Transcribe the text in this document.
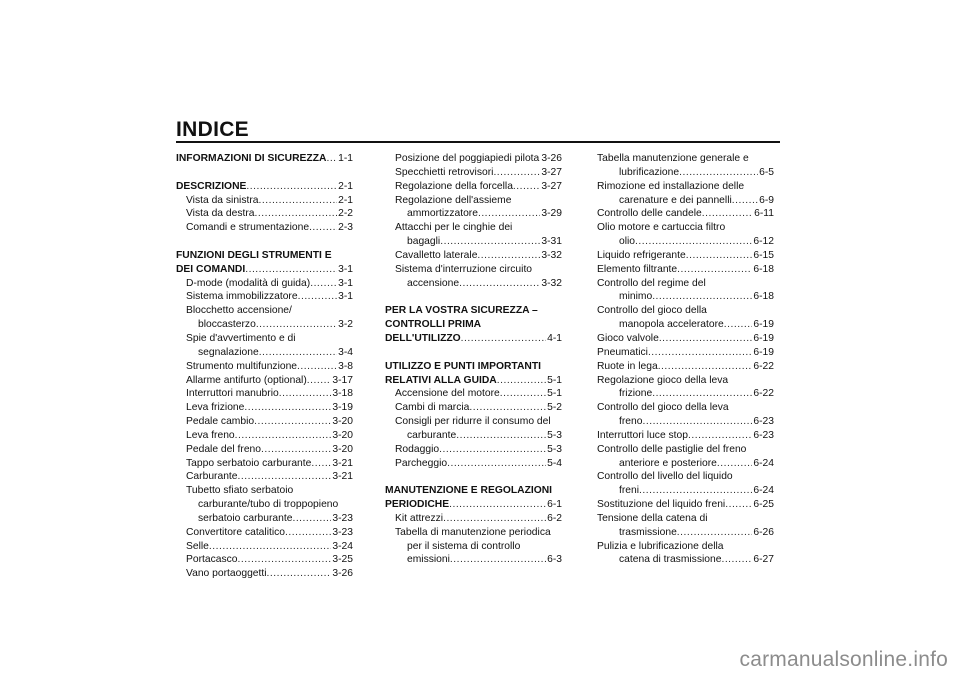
INDICE
INFORMAZIONI DI SICUREZZA ..... 1-1
DESCRIZIONE .....	2-1
Vista da sinistra .....	2-1
Vista da destra .....	2-2
Comandi e strumentazione .....	2-3
FUNZIONI DEGLI STRUMENTI E
DEI COMANDI .....	3-1
D-mode (modalità di guida) .....	3-1
Sistema immobilizzatore .....	3-1
Blocchetto accensione/
bloccasterzo .....	3-2
Spie d'avvertimento e di
segnalazione .....	3-4
Strumento multifunzione .....	3-8
Allarme antifurto (optional) ..... 3-17
Interruttori manubrio .....	3-18
Leva frizione .....	3-19
Pedale cambio .....	3-20
Leva freno .....	3-20
Pedale del freno .....	3-20
Tappo serbatoio carburante ..... 3-21
Carburante .....	3-21
Tubetto sfiato serbatoio
carburante/tubo di troppopieno
serbatoio carburante .....	3-23
Convertitore catalitico .....	3-23
Selle .....	3-24
Portacasco .....	3-25
Vano portaoggetti .....	3-26
Posizione del poggiapiedi pilota ..... 3-26
Specchietti retrovisori .....	3-27
Regolazione della forcella .....	3-27
Regolazione dell'assieme
ammortizzatore .....	3-29
Attacchi per le cinghie dei
bagagli .....	3-31
Cavalletto laterale .....	3-32
Sistema d'interruzione circuito
accensione .....	3-32
PER LA VOSTRA SICUREZZA –
CONTROLLI PRIMA
DELL'UTILIZZO .....	4-1
UTILIZZO E PUNTI IMPORTANTI
RELATIVI ALLA GUIDA .....	5-1
Accensione del motore .....	5-1
Cambi di marcia .....	5-2
Consigli per ridurre il consumo del
carburante .....	5-3
Rodaggio .....	5-3
Parcheggio .....	5-4
MANUTENZIONE E REGOLAZIONI
PERIODICHE .....	6-1
Kit attrezzi .....	6-2
Tabella di manutenzione periodica
per il sistema di controllo
emissioni .....	6-3
Tabella manutenzione generale e
lubrificazione .....	6-5
Rimozione ed installazione delle
carenature e dei pannelli .....	6-9
Controllo delle candele .....	6-11
Olio motore e cartuccia filtro
olio .....	6-12
Liquido refrigerante .....	6-15
Elemento filtrante .....	6-18
Controllo del regime del
minimo .....	6-18
Controllo del gioco della
manopola acceleratore .....	6-19
Gioco valvole .....	6-19
Pneumatici .....	6-19
Ruote in lega .....	6-22
Regolazione gioco della leva
frizione .....	6-22
Controllo del gioco della leva
freno .....	6-23
Interruttori luce stop .....	6-23
Controllo delle pastiglie del freno
anteriore e posteriore .....	6-24
Controllo del livello del liquido
freni .....	6-24
Sostituzione del liquido freni .....	6-25
Tensione della catena di
trasmissione .....	6-26
Pulizia e lubrificazione della
catena di trasmissione .....	6-27
carmanualsonline.info
